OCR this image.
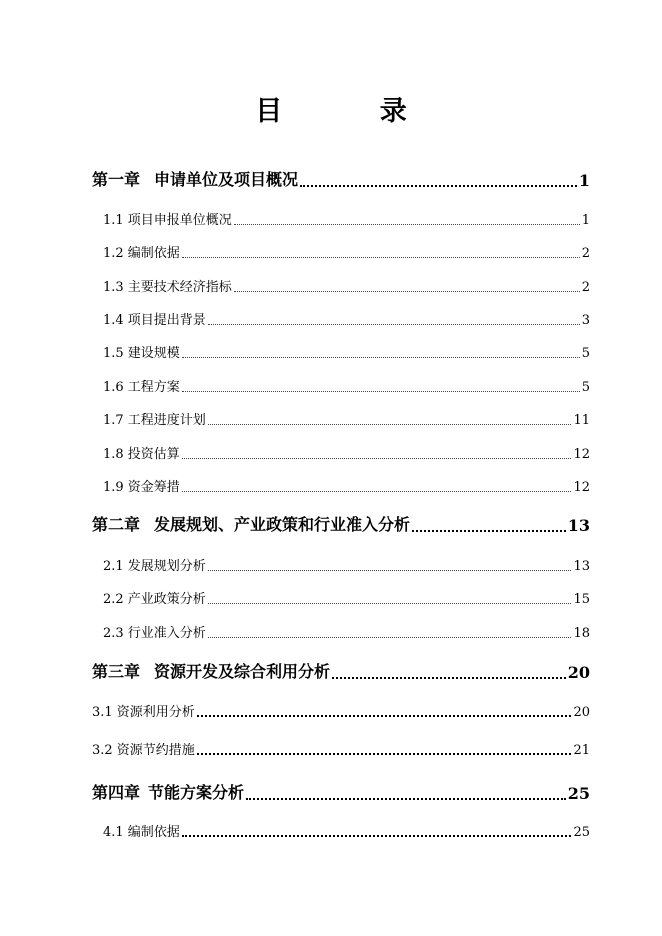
目 录
第一章 申请单位及项目概况	1
1.1 项目申报单位概况	1
1.2 编制依据	2
1.3 主要技术经济指标	2
1.4 项目提出背景	3
1.5 建设规模	5
1.6 工程方案	5
1.7 工程进度计划	11
1.8 投资估算	12
1.9 资金筹措	12
第二章 发展规划、产业政策和行业准入分析	13
2.1 发展规划分析	13
2.2 产业政策分析	15
2.3 行业准入分析	18
第三章 资源开发及综合利用分析	20
3.1 资源利用分析	20
3.2 资源节约措施	21
第四章 节能方案分析	25
4.1 编制依据	25
